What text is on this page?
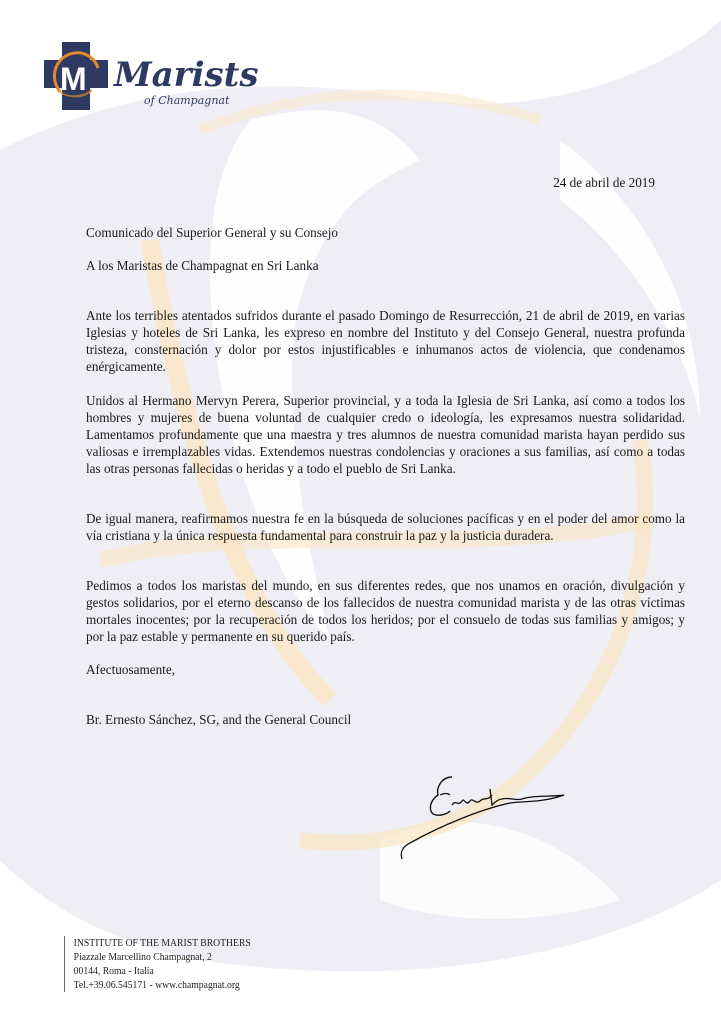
M Marists
of Champagnat
24 de abril de 2019
Comunicado del Superior General y su Consejo
A los Maristas de Champagnat en Sri Lanka
Ante los terribles atentados sufridos durante el pasado Domingo de Resurrección, 21 de abril de 2019, en varias Iglesias y hoteles de Sri Lanka, les expreso en nombre del Instituto y del Consejo General, nuestra profunda tristeza, consternación y dolor por estos injustificables e inhumanos actos de violencia, que condenamos enérgicamente.
Unidos al Hermano Mervyn Perera, Superior provincial, y a toda la Iglesia de Sri Lanka, así como a todos los hombres y mujeres de buena voluntad de cualquier credo o ideología, les expresamos nuestra solidaridad. Lamentamos profundamente que una maestra y tres alumnos de nuestra comunidad marista hayan perdido sus valiosas e irremplazables vidas. Extendemos nuestras condolencias y oraciones a sus familias, así como a todas las otras personas fallecidas o heridas y a todo el pueblo de Sri Lanka.
De igual manera, reafirmamos nuestra fe en la búsqueda de soluciones pacíficas y en el poder del amor como la vía cristiana y la única respuesta fundamental para construir la paz y la justicia duradera.
Pedimos a todos los maristas del mundo, en sus diferentes redes, que nos unamos en oración, divulgación y gestos solidarios, por el eterno descanso de los fallecidos de nuestra comunidad marista y de las otras víctimas mortales inocentes; por la recuperación de todos los heridos; por el consuelo de todas sus familias y amigos; y por la paz estable y permanente en su querido país.
Afectuosamente,
Br. Ernesto Sánchez, SG, and the General Council
INSTITUTE OF THE MARIST BROTHERS
Piazzale Marcellino Champagnat, 2
00144, Roma - Italia
Tel.+39.06.545171 - www.champagnat.org
